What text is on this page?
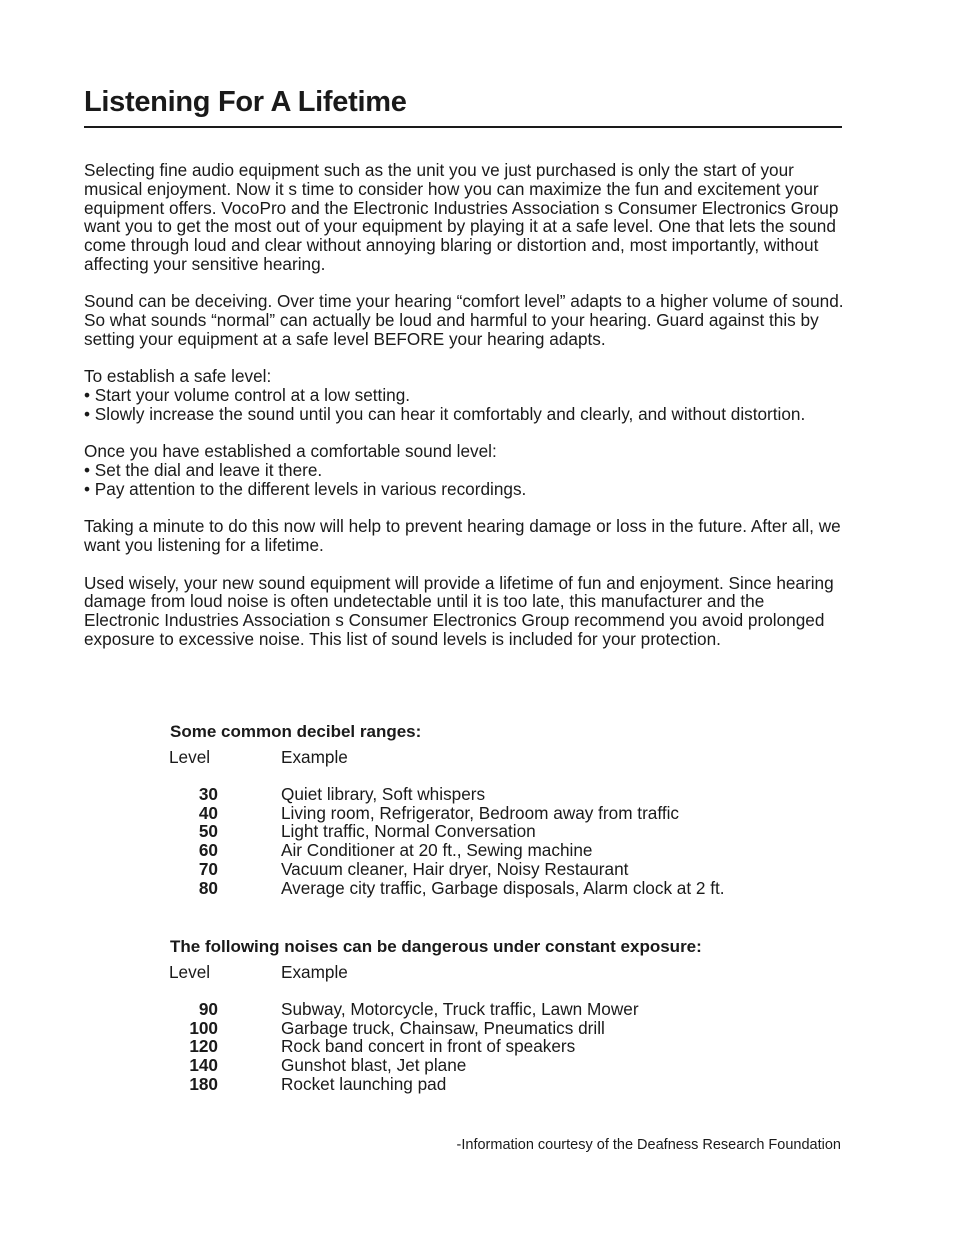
Listening For A Lifetime

Selecting fine audio equipment such as the unit you ve just purchased is only the start of your musical enjoyment. Now it s time to consider how you can maximize the fun and excitement your equipment offers. VocoPro and the Electronic Industries Association s Consumer Electronics Group want you to get the most out of your equipment by playing it at a safe level. One that lets the sound come through loud and clear without annoying blaring or distortion and, most importantly, without affecting your sensitive hearing.

Sound can be deceiving. Over time your hearing “comfort level” adapts to a higher volume of sound. So what sounds “normal” can actually be loud and harmful to your hearing. Guard against this by setting your equipment at a safe level BEFORE your hearing adapts.

To establish a safe level:

• Start your volume control at a low setting.
• Slowly increase the sound until you can hear it comfortably and clearly, and without distortion.

Once you have established a comfortable sound level:

• Set the dial and leave it there.
• Pay attention to the different levels in various recordings.

Taking a minute to do this now will help to prevent hearing damage or loss in the future. After all, we want you listening for a lifetime.

Used wisely, your new sound equipment will provide a lifetime of fun and enjoyment. Since hearing damage from loud noise is often undetectable until it is too late, this manufacturer and the Electronic Industries Association s Consumer Electronics Group recommend you avoid prolonged exposure to excessive noise. This list of sound levels is included for your protection.

Some common decibel ranges:
Level	Example
30	Quiet library, Soft whispers
40	Living room, Refrigerator, Bedroom away from traffic
50	Light traffic, Normal Conversation
60	Air Conditioner at 20 ft., Sewing machine
70	Vacuum cleaner, Hair dryer, Noisy Restaurant
80	Average city traffic, Garbage disposals, Alarm clock at 2 ft.
The following noises can be dangerous under constant exposure:
Level	Example
90	Subway, Motorcycle, Truck traffic, Lawn Mower
100	Garbage truck, Chainsaw, Pneumatics drill
120	Rock band concert in front of speakers
140	Gunshot blast, Jet plane
180	Rocket launching pad
-Information courtesy of the Deafness Research Foundation
